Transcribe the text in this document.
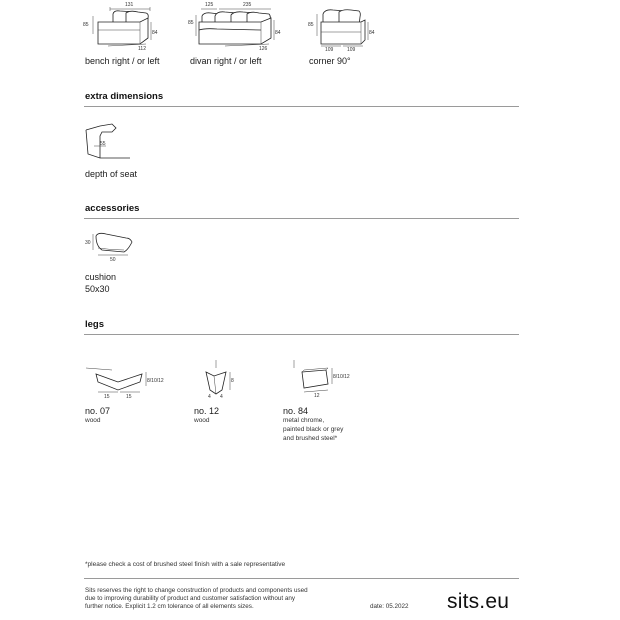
131
85
84
112
bench right / or left
125	235
85
84
126
divan right / or left
85
84
109	109
corner 90°
extra dimensions
55
depth of seat
accessories
30
50
cushion
50x30
legs
8/10/12
15	15
no. 07
wood
8
4 4
no. 12
wood
8/10/12
12
no. 84
metal chrome,
painted black or grey
and brushed steel*
*please check a cost of brushed steel finish with a sale representative
Sits reserves the right to change construction of products and components used
due to improving durability of product and customer satisfaction without any
further notice. Explicit 1.2 cm tolerance of all elements sizes.	date: 05.2022 sits.eu
